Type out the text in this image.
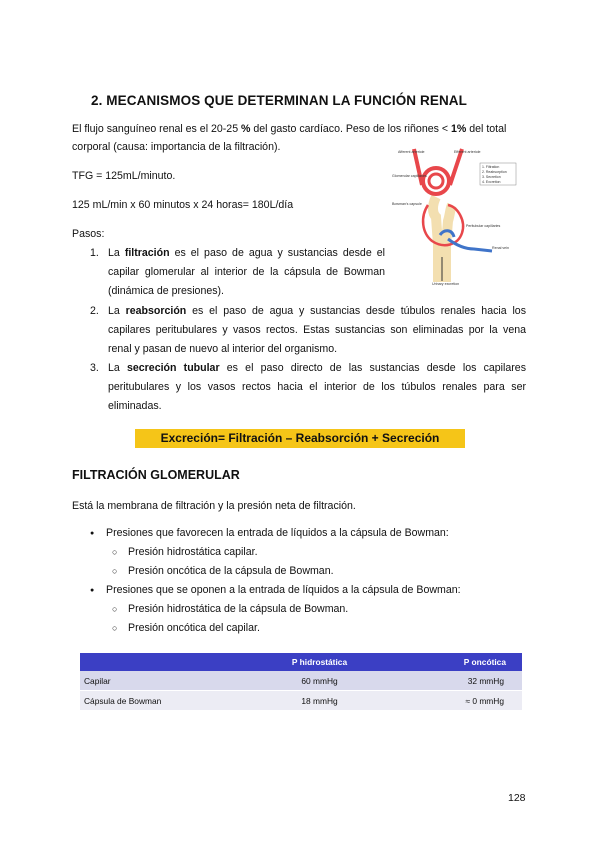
2. MECANISMOS QUE DETERMINAN LA FUNCIÓN RENAL
El flujo sanguíneo renal es el 20-25 % del gasto cardíaco. Peso de los riñones < 1% del total
corporal (causa: importancia de la filtración).
TFG = 125mL/minuto.
125 mL/min x 60 minutos x 24 horas= 180L/día
Pasos:
1. La filtración es el paso de agua y sustancias desde el capilar glomerular al interior de la cápsula de Bowman (dinámica de presiones).
2. La reabsorción es el paso de agua y sustancias desde túbulos renales hacia los capilares peritubulares y vasos rectos. Estas sustancias son eliminadas por la vena renal y pasan de nuevo al interior del organismo.
3. La secreción tubular es el paso directo de las sustancias desde los capilares peritubulares y los vasos rectos hacia el interior de los túbulos renales para ser eliminadas.
1. Filtration
2. Reabsorption
3. Secretion
4. Excretion
Afferent arteriole	Efferent arteriole
Glomerular capillaries
Bowman's capsule
Peritubular capillaries
Renal vein
Urinary excretion
Excreción= Filtración – Reabsorción + Secreción
FILTRACIÓN GLOMERULAR
Está la membrana de filtración y la presión neta de filtración.
● Presiones que favorecen la entrada de líquidos a la cápsula de Bowman:
○ Presión hidrostática capilar.
○ Presión oncótica de la cápsula de Bowman.
● Presiones que se oponen a la entrada de líquidos a la cápsula de Bowman:
○ Presión hidrostática de la cápsula de Bowman.
○ Presión oncótica del capilar.
	P hidrostática	P oncótica
Capilar	60 mmHg	32 mmHg
Cápsula de Bowman	18 mmHg	≈ 0 mmHg
128
